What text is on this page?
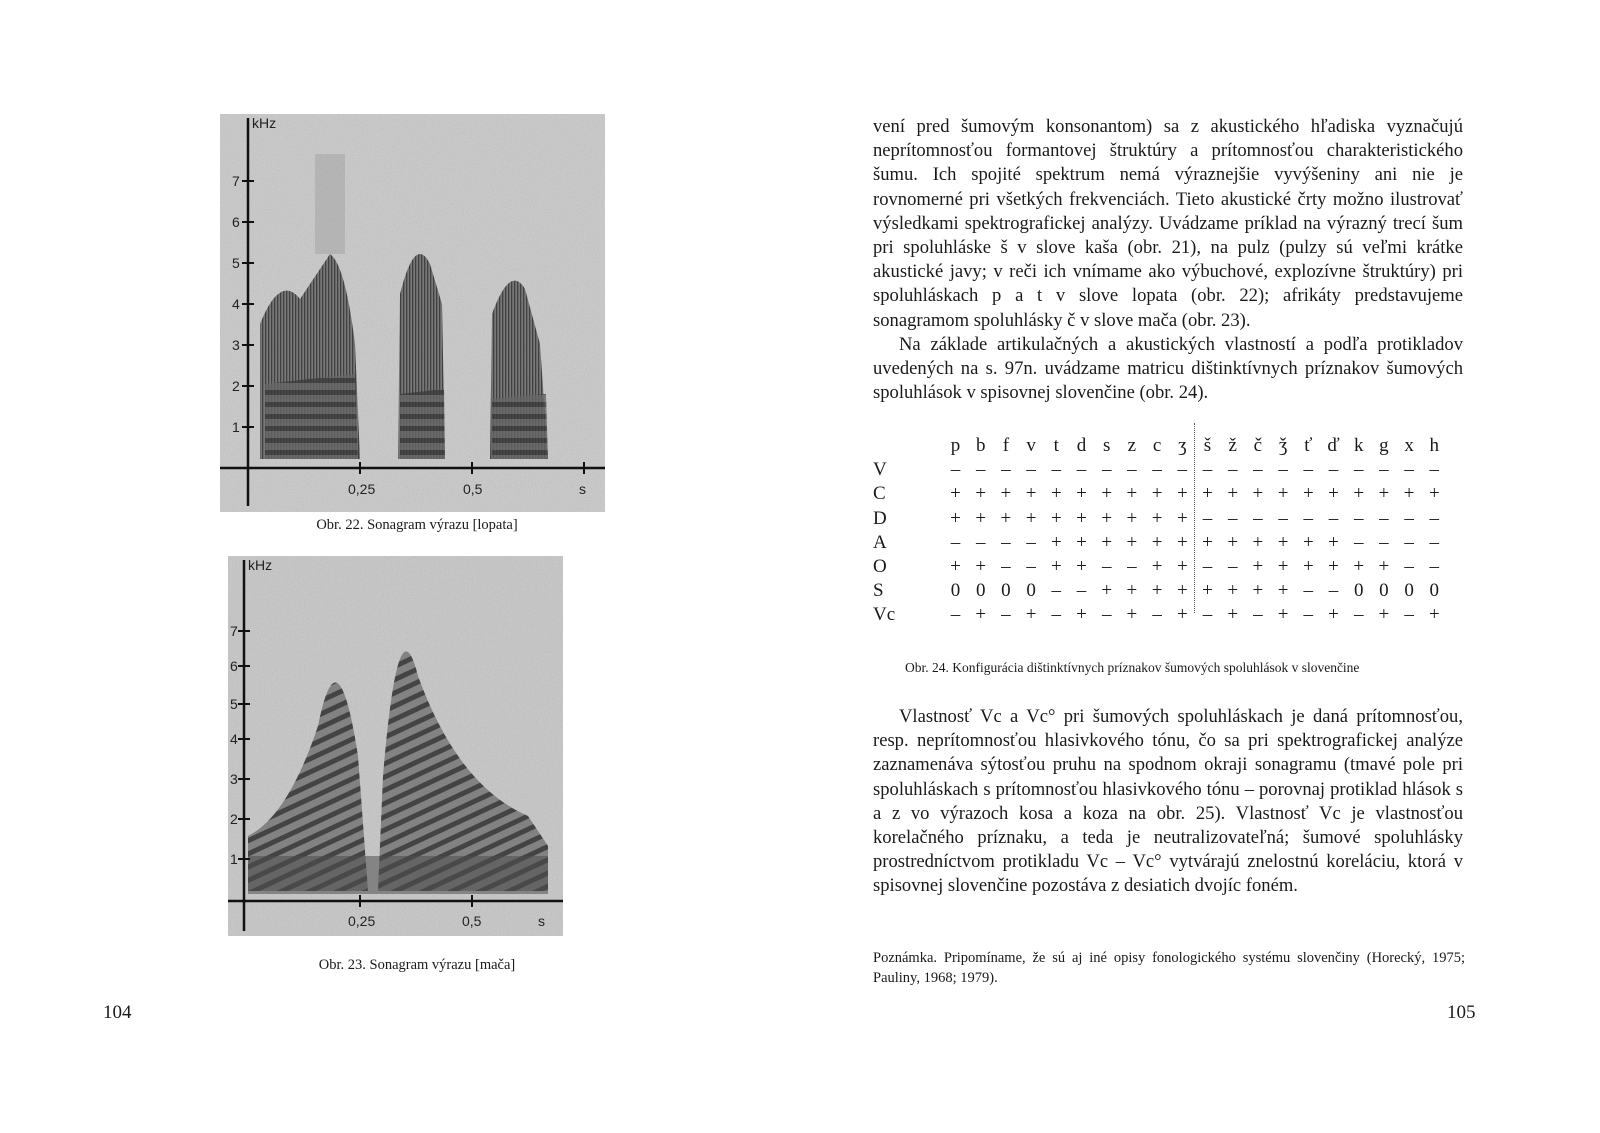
kHz
1
2
3
4
5
6
7
0,25	0,5	s
Obr. 22. Sonagram výrazu [lopata]
kHz
1
2
3
4
5
6
7
0,25	0,5	s
Obr. 23. Sonagram výrazu [mača]
104

vení pred šumovým konsonantom) sa z akustického hľadiska vyznačujú neprítomnosťou formantovej štruktúry a prítomnosťou charakteristického šumu. Ich spojité spektrum nemá výraznejšie vyvýšeniny ani nie je rovnomerné pri všetkých frekvenciách. Tieto akustické črty možno ilustrovať výsledkami spektrografickej analýzy. Uvádzame príklad na výrazný trecí šum pri spoluhláske š v slove kaša (obr. 21), na pulz (pulzy sú veľmi krátke akustické javy; v reči ich vnímame ako výbuchové, explozívne štruktúry) pri spoluhláskach p a t v slove lopata (obr. 22); afrikáty predstavujeme sonagramom spoluhlásky č v slove mača (obr. 23).

Na základe artikulačných a akustických vlastností a podľa protikladov uvedených na s. 97n. uvádzame matricu dištinktívnych príznakov šumových spoluhlások v spisovnej slovenčine (obr. 24).

p b f v t d s z c ʒ š ž č ǯ ť ď k g x h
V	– – – – – – – – – – – – – – – – – – – –
C	+ + + + + + + + + + + + + + + + + + + +
D	+ + + + + + + + + + – – – – – – – – – –
A	– – – – + + + + + + + + + + + + – – – –
O	+ + – – + + – – + + – – + + + + + + – –
S	0 0 0 0 – – + + + + + + + + – – 0 0 0 0
Vc	– + – + – + – + – + – + – + – + – + – +
Obr. 24. Konfigurácia dištinktívnych príznakov šumových spoluhlások v slovenčine

Vlastnosť Vc a Vc° pri šumových spoluhláskach je daná prítomnosťou, resp. neprítomnosťou hlasivkového tónu, čo sa pri spektrografickej analýze zaznamenáva sýtosťou pruhu na spodnom okraji sonagramu (tmavé pole pri spoluhláskach s prítomnosťou hlasivkového tónu – porovnaj protiklad hlások s a z vo výrazoch kosa a koza na obr. 25). Vlastnosť Vc je vlastnosťou korelačného príznaku, a teda je neutralizovateľná; šumové spoluhlásky prostredníctvom protikladu Vc – Vc° vytvárajú znelostnú koreláciu, ktorá v spisovnej slovenčine pozostáva z desiatich dvojíc foném.

Poznámka. Pripomíname, že sú aj iné opisy fonologického systému slovenčiny (Horecký, 1975; Pauliny, 1968; 1979).
105
